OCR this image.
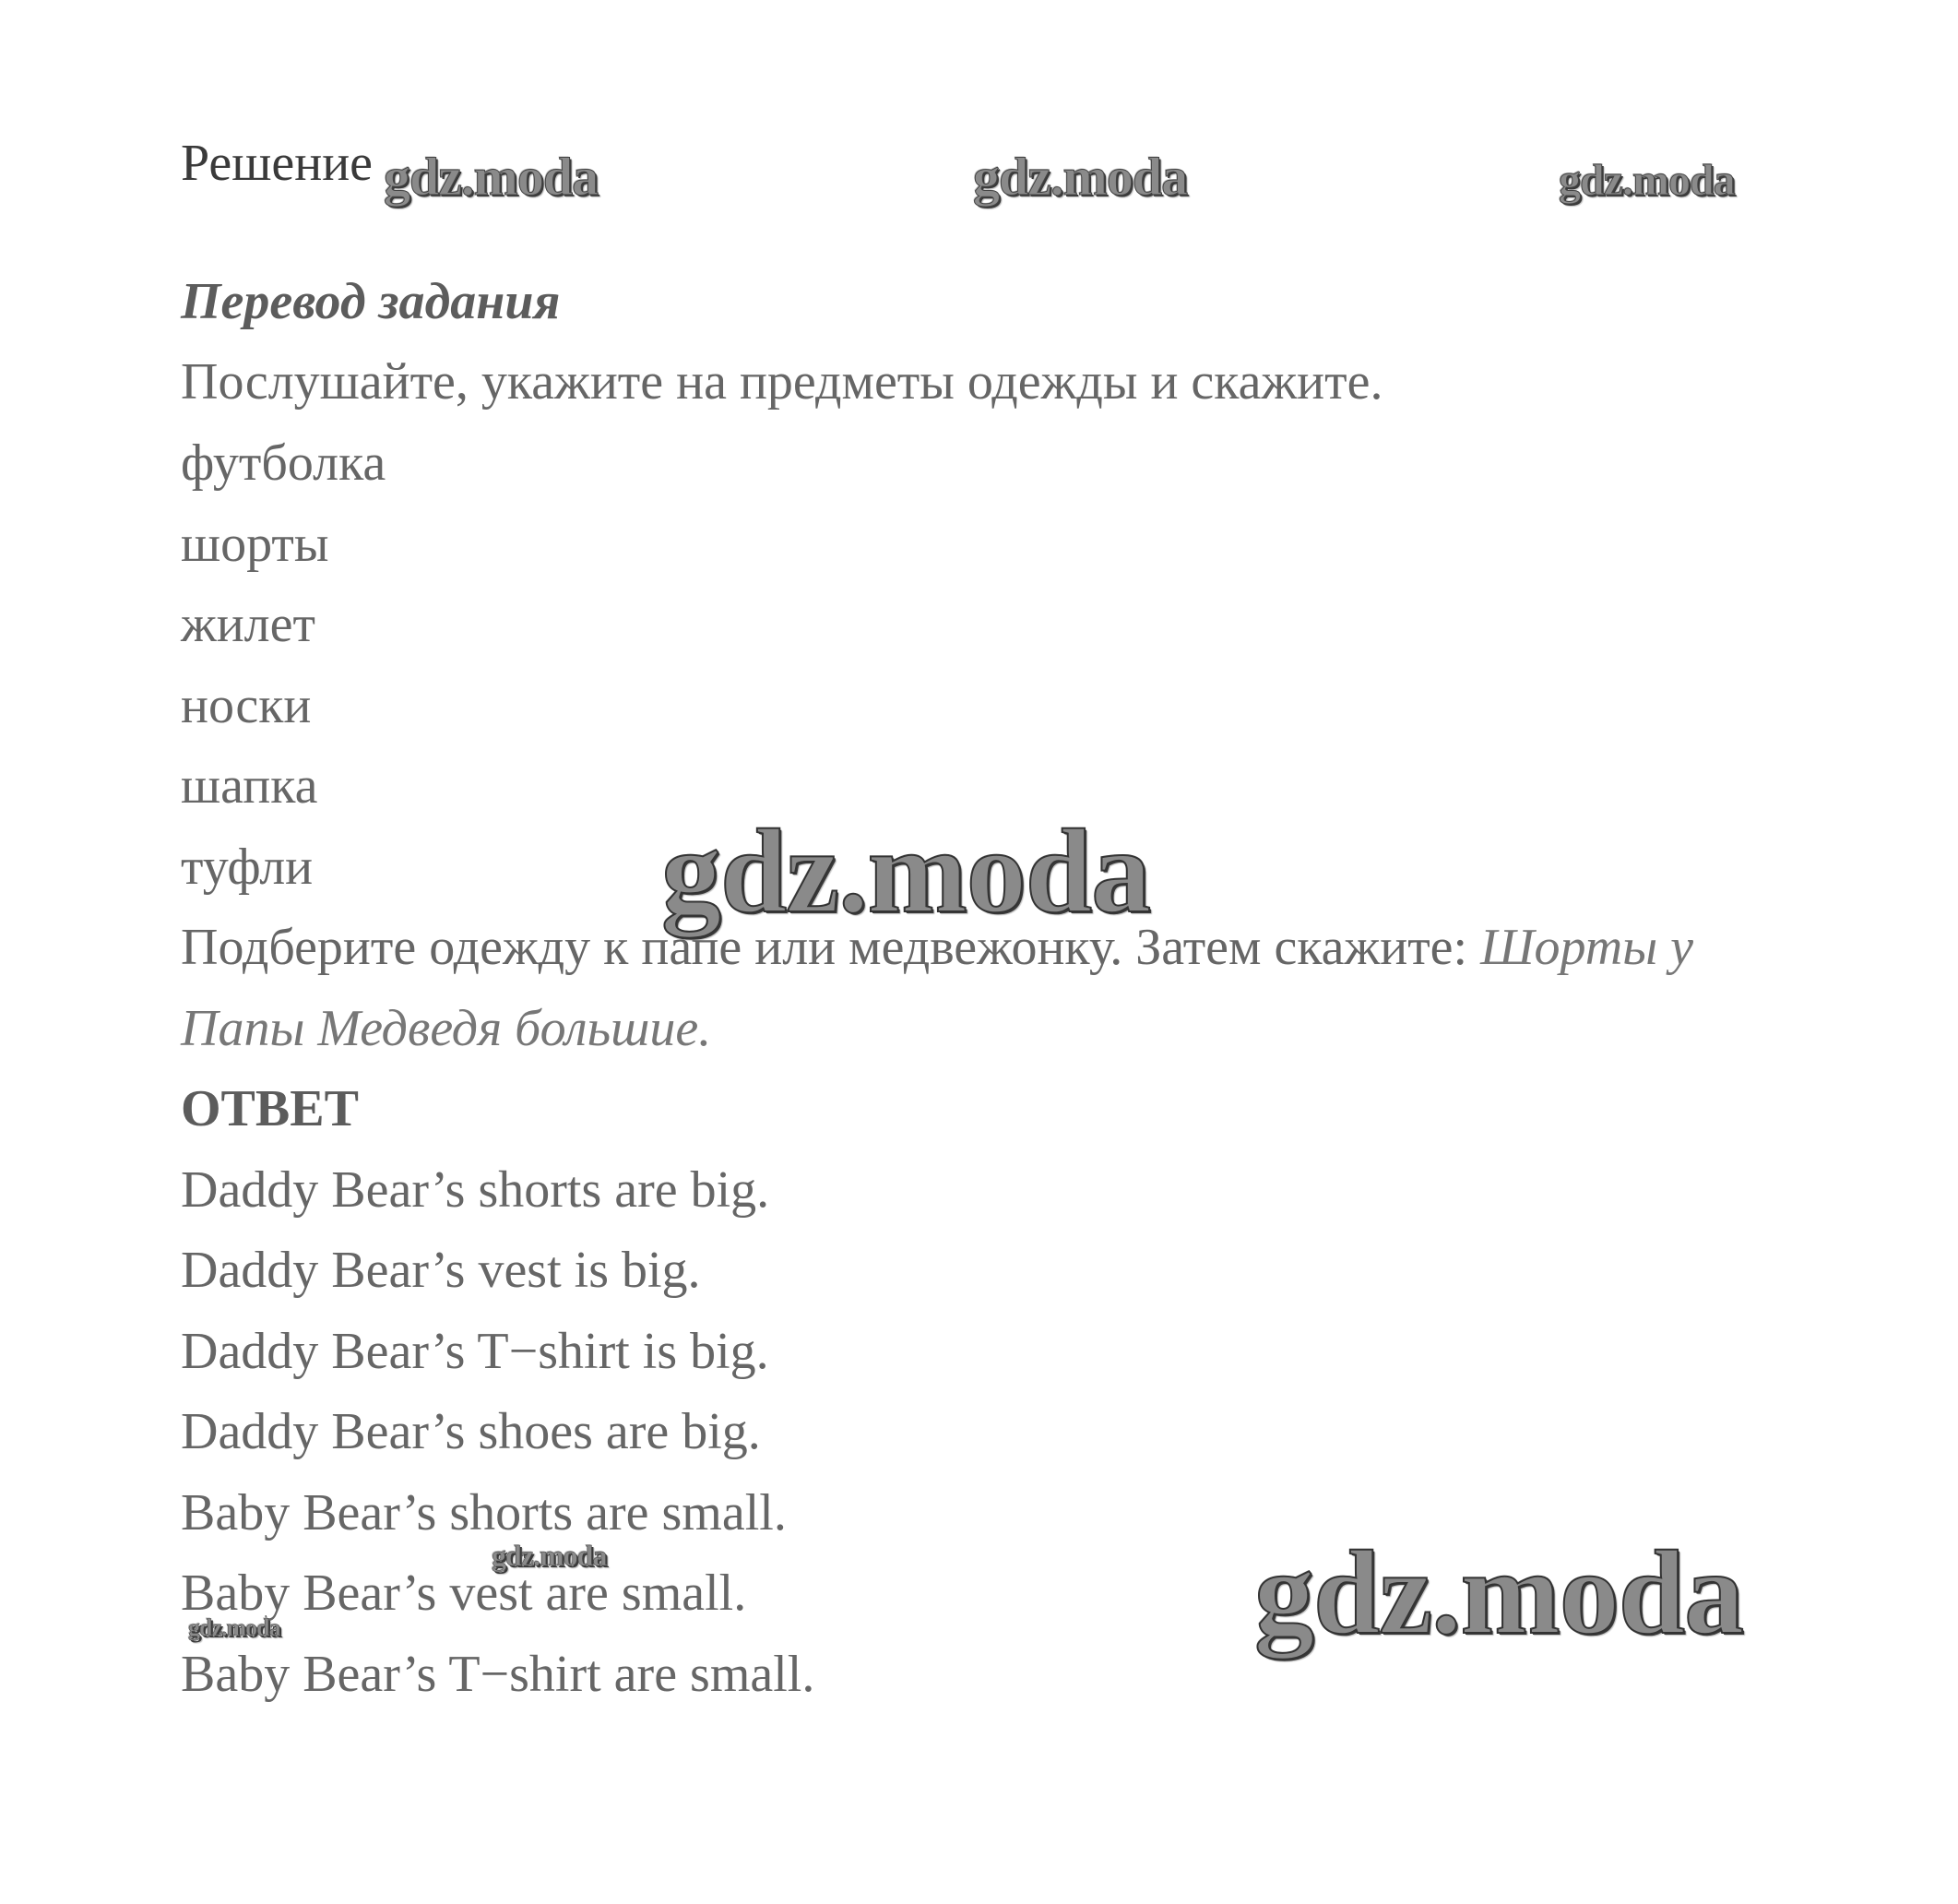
Решение
Перевод задания
Послушайте, укажите на предметы одежды и скажите.
футболка
шорты
жилет
носки
шапка
туфли
Подберите одежду к папе или медвежонку. Затем скажите: Шорты у
Папы Медведя большие.
ОТВЕТ
Daddy Bear’s shorts are big.
Daddy Bear’s vest is big.
Daddy Bear’s T−shirt is big.
Daddy Bear’s shoes are big.
Baby Bear’s shorts are small.
Baby Bear’s vest are small.
Baby Bear’s T−shirt are small.
gdz.moda	gdz.moda	gdz.moda
gdz.moda
gdz.moda
gdz.moda
gdz.moda
